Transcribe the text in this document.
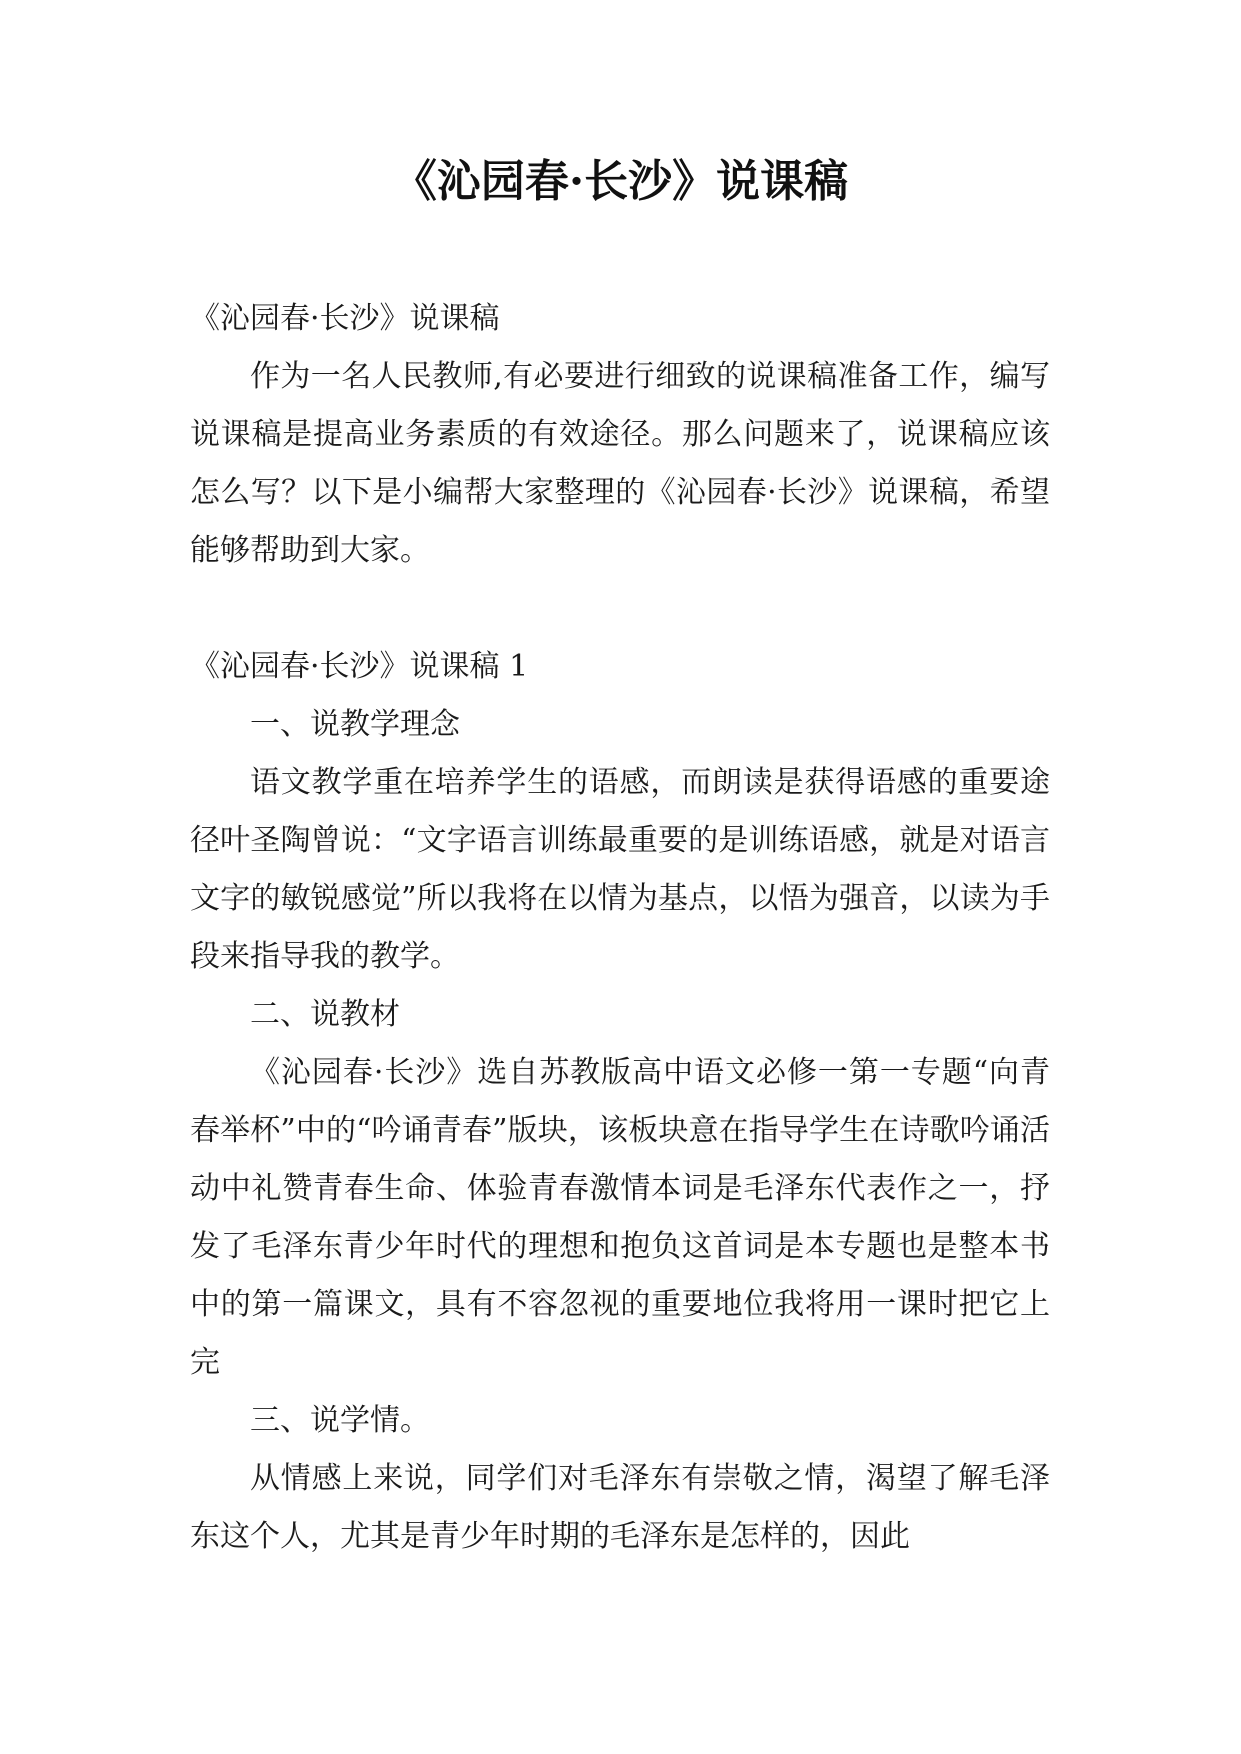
《沁园春·长沙》说课稿

《沁园春·长沙》说课稿

作为一名人民教师,有必要进行细致的说课稿准备工作，编写说课稿是提高业务素质的有效途径。那么问题来了，说课稿应该怎么写？以下是小编帮大家整理的《沁园春·长沙》说课稿，希望能够帮助到大家。

《沁园春·长沙》说课稿 1

一、说教学理念

语文教学重在培养学生的语感，而朗读是获得语感的重要途径叶圣陶曾说：“文字语言训练最重要的是训练语感，就是对语言文字的敏锐感觉”所以我将在以情为基点，以悟为强音，以读为手段来指导我的教学。

二、说教材

《沁园春·长沙》选自苏教版高中语文必修一第一专题“向青春举杯”中的“吟诵青春”版块，该板块意在指导学生在诗歌吟诵活动中礼赞青春生命、体验青春激情本词是毛泽东代表作之一，抒发了毛泽东青少年时代的理想和抱负这首词是本专题也是整本书中的第一篇课文，具有不容忽视的重要地位我将用一课时把它上完

三、说学情。

从情感上来说，同学们对毛泽东有崇敬之情，渴望了解毛泽东这个人，尤其是青少年时期的毛泽东是怎样的，因此
